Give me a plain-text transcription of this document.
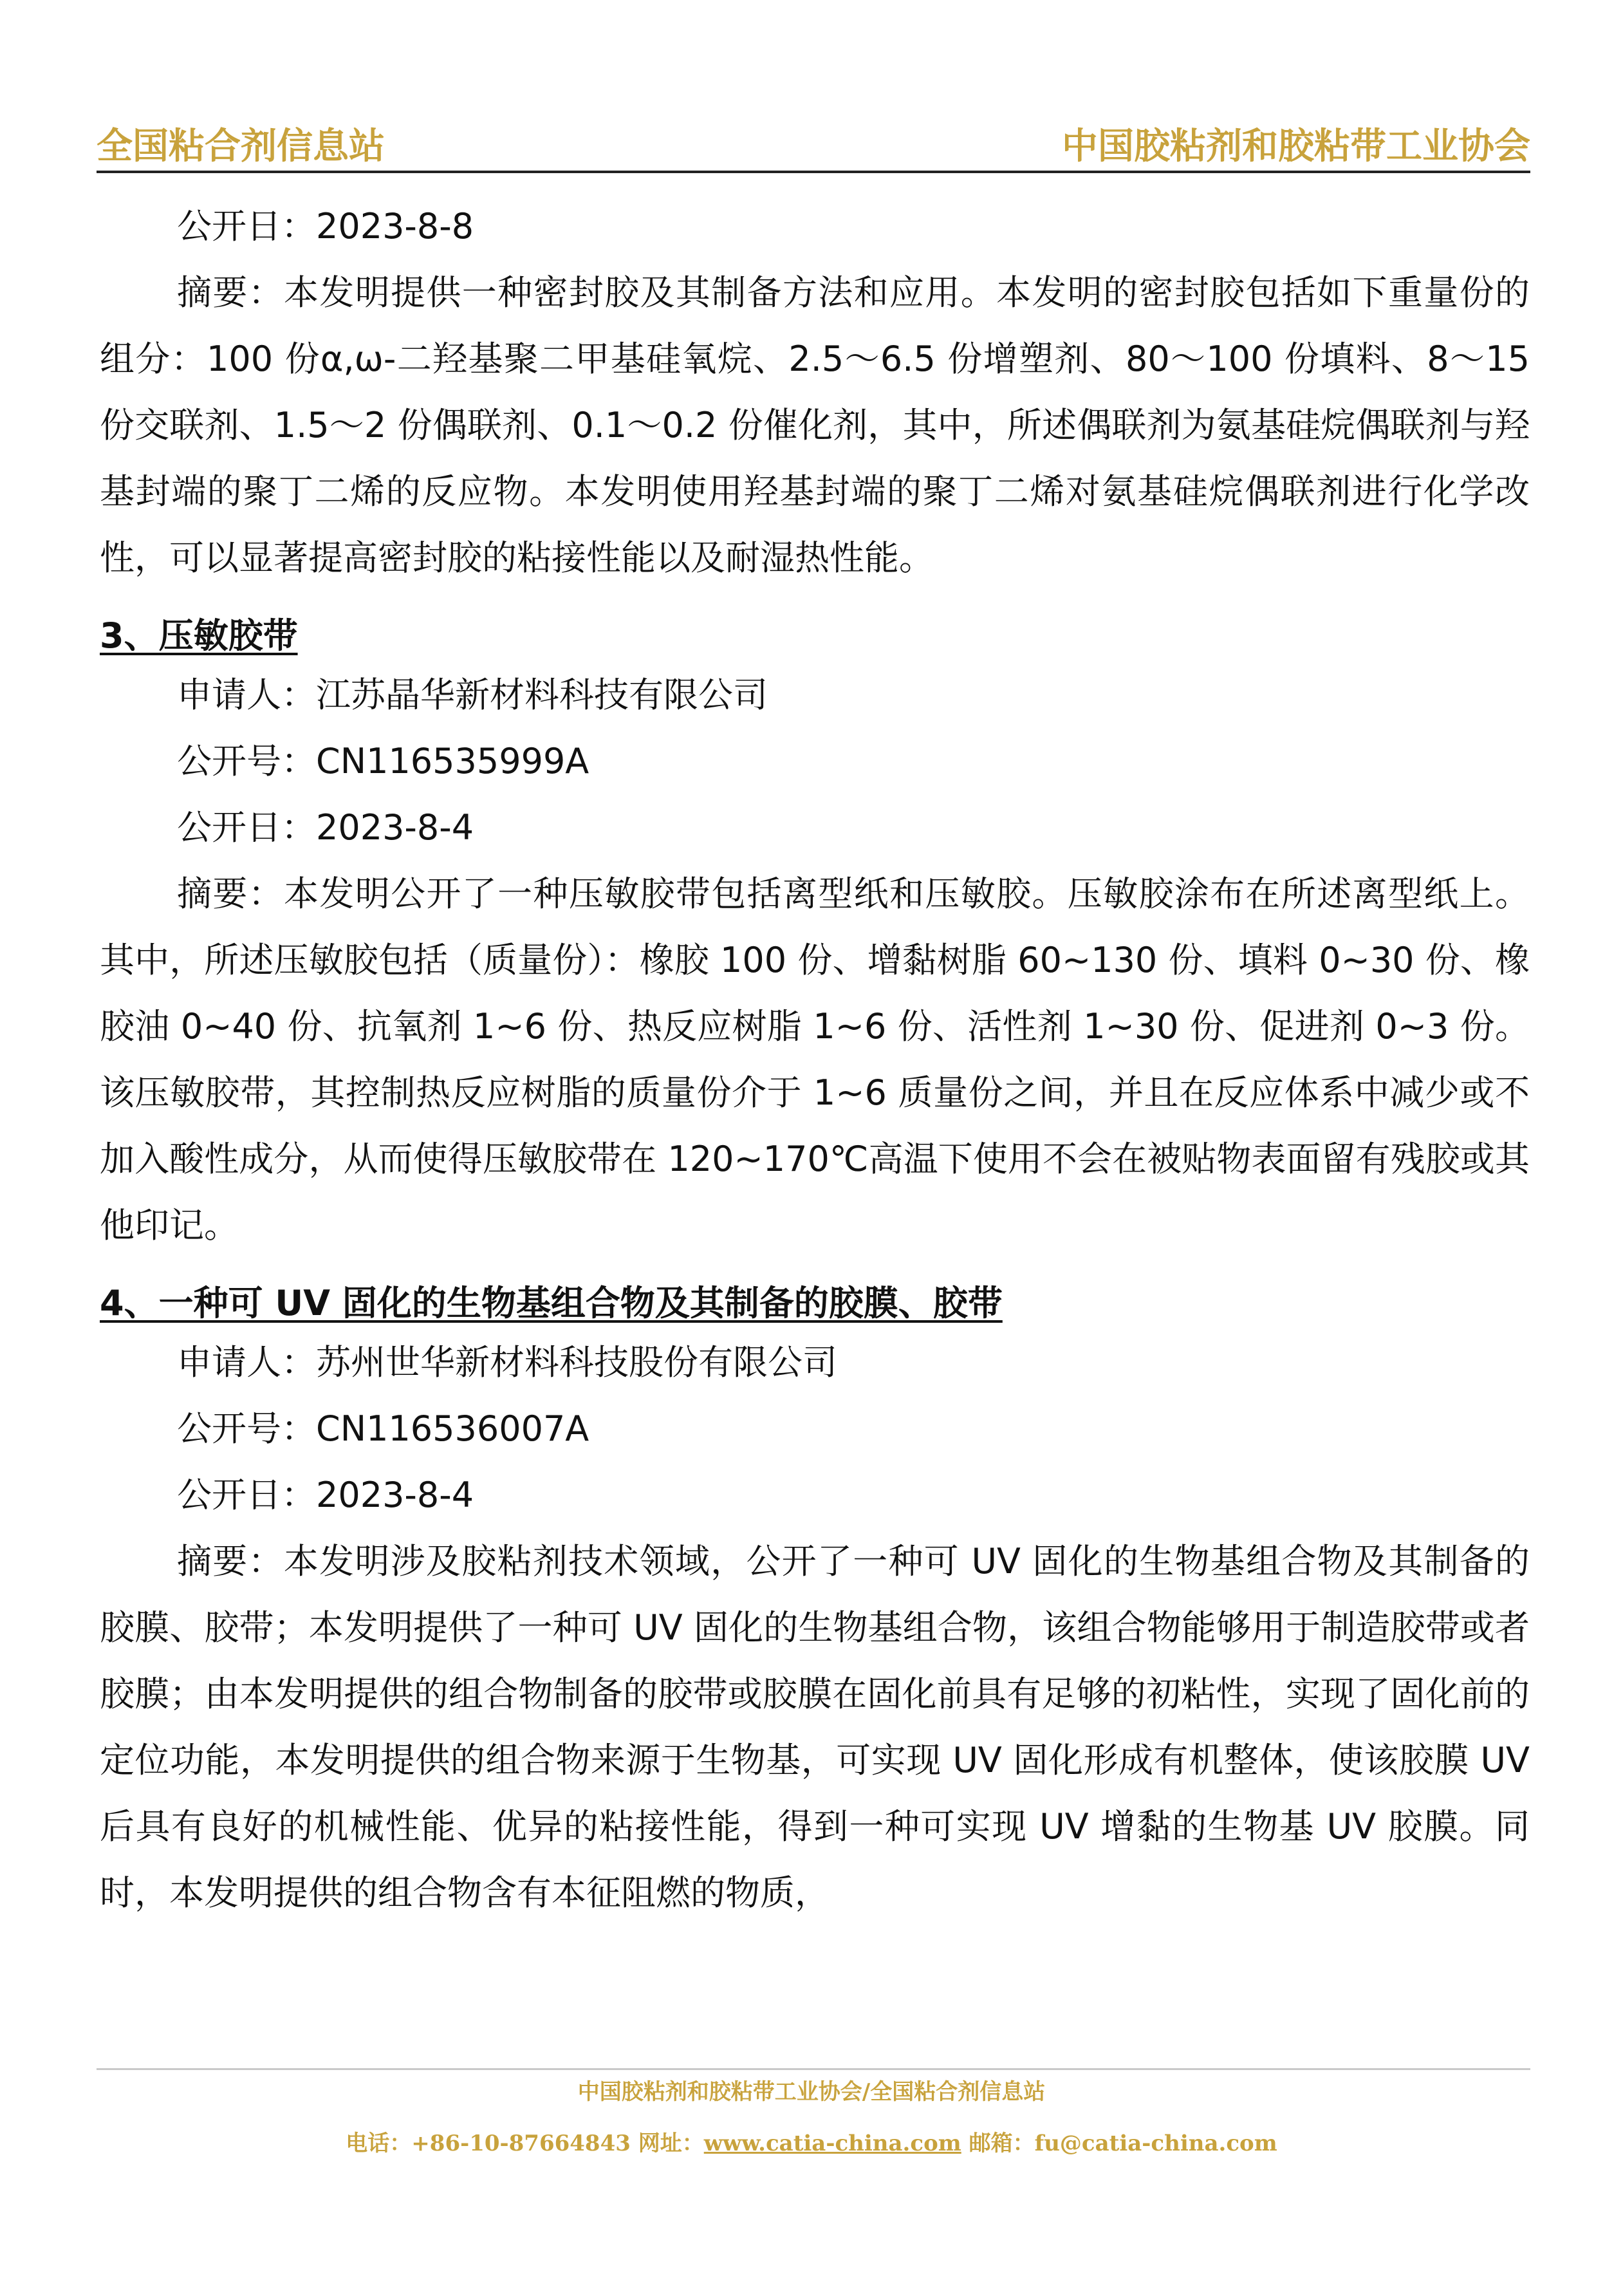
全国粘合剂信息站	中国胶粘剂和胶粘带工业协会
公开日：2023-8-8

摘要：本发明提供一种密封胶及其制备方法和应用。本发明的密封胶包括如下重量份的组分：100 份α,ω-二羟基聚二甲基硅氧烷、2.5～6.5 份增塑剂、80～100 份填料、8～15 份交联剂、1.5～2 份偶联剂、0.1～0.2 份催化剂，其中，所述偶联剂为氨基硅烷偶联剂与羟基封端的聚丁二烯的反应物。本发明使用羟基封端的聚丁二烯对氨基硅烷偶联剂进行化学改性，可以显著提高密封胶的粘接性能以及耐湿热性能。

3、压敏胶带
申请人：江苏晶华新材料科技有限公司
公开号：CN116535999A
公开日：2023-8-4

摘要：本发明公开了一种压敏胶带包括离型纸和压敏胶。压敏胶涂布在所述离型纸上。其中，所述压敏胶包括（质量份）：橡胶 100 份、增黏树脂 60~130 份、填料 0~30 份、橡胶油 0~40 份、抗氧剂 1~6 份、热反应树脂 1~6 份、活性剂 1~30 份、促进剂 0~3 份。该压敏胶带，其控制热反应树脂的质量份介于 1~6 质量份之间，并且在反应体系中减少或不加入酸性成分，从而使得压敏胶带在 120~170℃高温下使用不会在被贴物表面留有残胶或其他印记。

4、一种可 UV 固化的生物基组合物及其制备的胶膜、胶带
申请人：苏州世华新材料科技股份有限公司
公开号：CN116536007A
公开日：2023-8-4

摘要：本发明涉及胶粘剂技术领域，公开了一种可 UV 固化的生物基组合物及其制备的胶膜、胶带；本发明提供了一种可 UV 固化的生物基组合物，该组合物能够用于制造胶带或者胶膜；由本发明提供的组合物制备的胶带或胶膜在固化前具有足够的初粘性，实现了固化前的定位功能，本发明提供的组合物来源于生物基，可实现 UV 固化形成有机整体，使该胶膜 UV 后具有良好的机械性能、优异的粘接性能，得到一种可实现 UV 增黏的生物基 UV 胶膜。同时，本发明提供的组合物含有本征阻燃的物质，

中国胶粘剂和胶粘带工业协会/全国粘合剂信息站
电话：+86-10-87664843 网址：www.catia-china.com 邮箱：fu@catia-china.com
